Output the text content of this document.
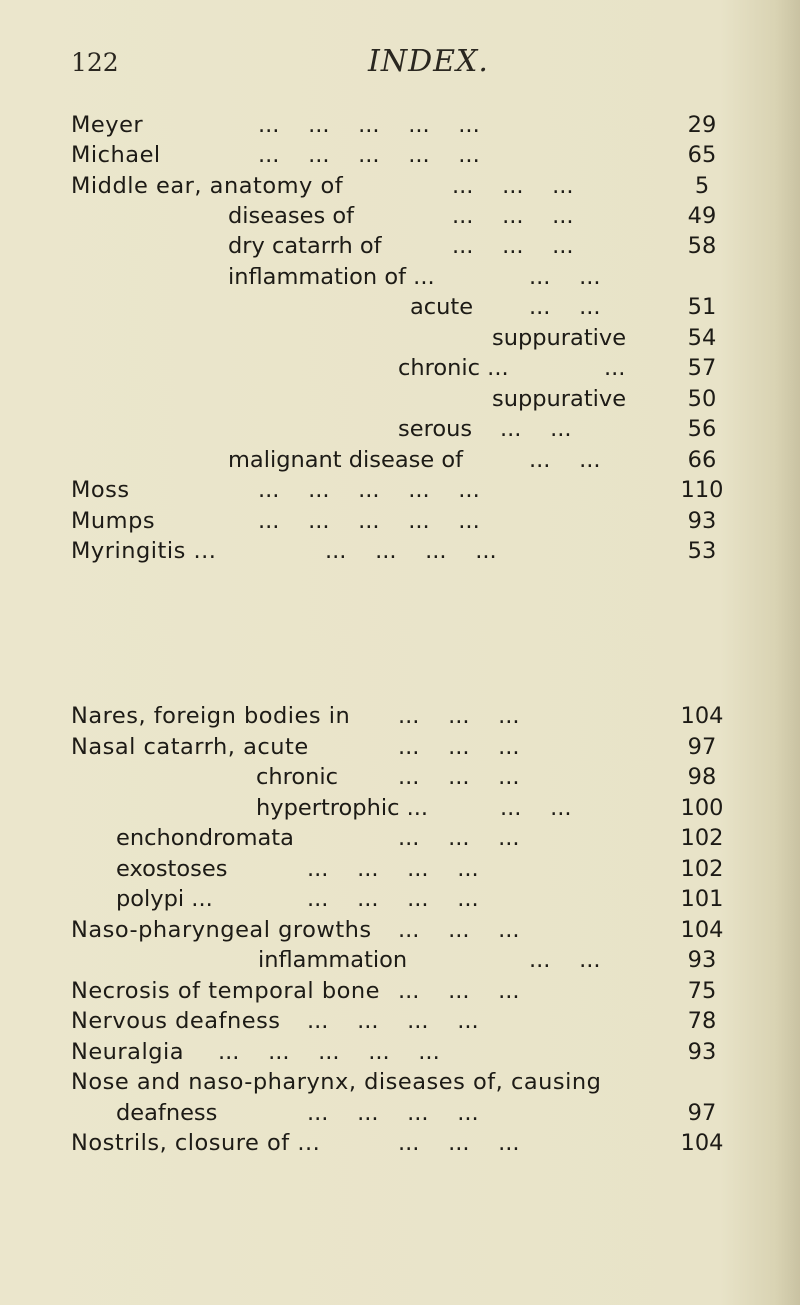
122	INDEX.
Meyer	...    ...    ...    ...    ...	29
Michael	...    ...    ...    ...    ...	65
Middle ear, anatomy of	...    ...    ...	5
diseases of	...    ...    ...	49
dry catarrh of	...    ...    ...	58
inflammation of ...	...    ...
acute ...    ...	51
suppurative	54
chronic ...	...	57
suppurative	50
serous ...    ...	56
malignant disease of	...    ...	66
Moss	...    ...    ...    ...    ...	110
Mumps	...    ...    ...    ...    ...	93
Myringitis ...	...    ...    ...    ...	53
Nares, foreign bodies in ...    ...    ...	104
Nasal catarrh, acute	...    ...    ...	97
chronic	...    ...    ...	98
hypertrophic ...	...    ...	100
enchondromata	...    ...    ...	102
exostoses	...    ...    ...    ...	102
polypi ...	...    ...    ...    ...	101
Naso-pharyngeal growths ...    ...    ...	104
inflammation	...    ...	93
Necrosis of temporal bone ...    ...    ...	75
Nervous deafness ...    ...    ...    ...	78
Neuralgia ...    ...    ...    ...    ...	93
Nose and naso-pharynx, diseases of, causing
deafness	...    ...    ...    ...	97
Nostrils, closure of ...	...    ...    ...	104
